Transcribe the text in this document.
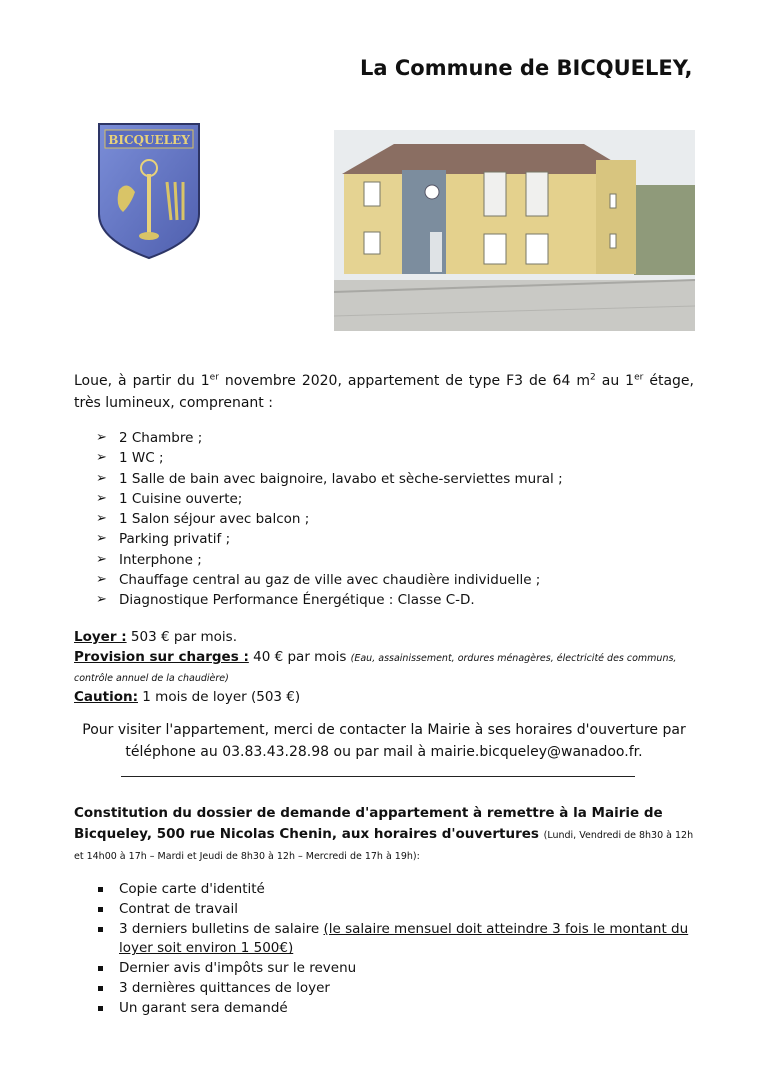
La Commune de BICQUELEY,
BICQUELEY
Loue, à partir du 1er novembre 2020, appartement de type F3 de 64 $m^2$ au 1er étage, très lumineux, comprenant :
➢ 2 Chambre ;
➢ 1 WC ;
➢ 1 Salle de bain avec baignoire, lavabo et sèche-serviettes mural ;
➢ 1 Cuisine ouverte;
➢ 1 Salon séjour avec balcon ;
➢ Parking privatif ;
➢ Interphone ;
➢ Chauffage central au gaz de ville avec chaudière individuelle ;
➢ Diagnostique Performance Énergétique : Classe C-D.

Loyer : 503 € par mois.

Provision sur charges : 40 € par mois (Eau, assainissement, ordures ménagères, électricité des communs, contrôle annuel de la chaudière)

Caution: 1 mois de loyer (503 €)

Pour visiter l'appartement, merci de contacter la Mairie à ses horaires d'ouverture par
téléphone au 03.83.43.28.98 ou par mail à mairie.bicqueley@wanadoo.fr.
Constitution du dossier de demande d'appartement à remettre à la Mairie de Bicqueley, 500 rue Nicolas Chenin, aux horaires d'ouvertures (Lundi, Vendredi de 8h30 à 12h et 14h00 à 17h – Mardi et Jeudi de 8h30 à 12h – Mercredi de 17h à 19h):
Copie carte d'identité
Contrat de travail
3 derniers bulletins de salaire (le salaire mensuel doit atteindre 3 fois le montant du loyer soit environ 1 500€)
Dernier avis d'impôts sur le revenu
3 dernières quittances de loyer
Un garant sera demandé
